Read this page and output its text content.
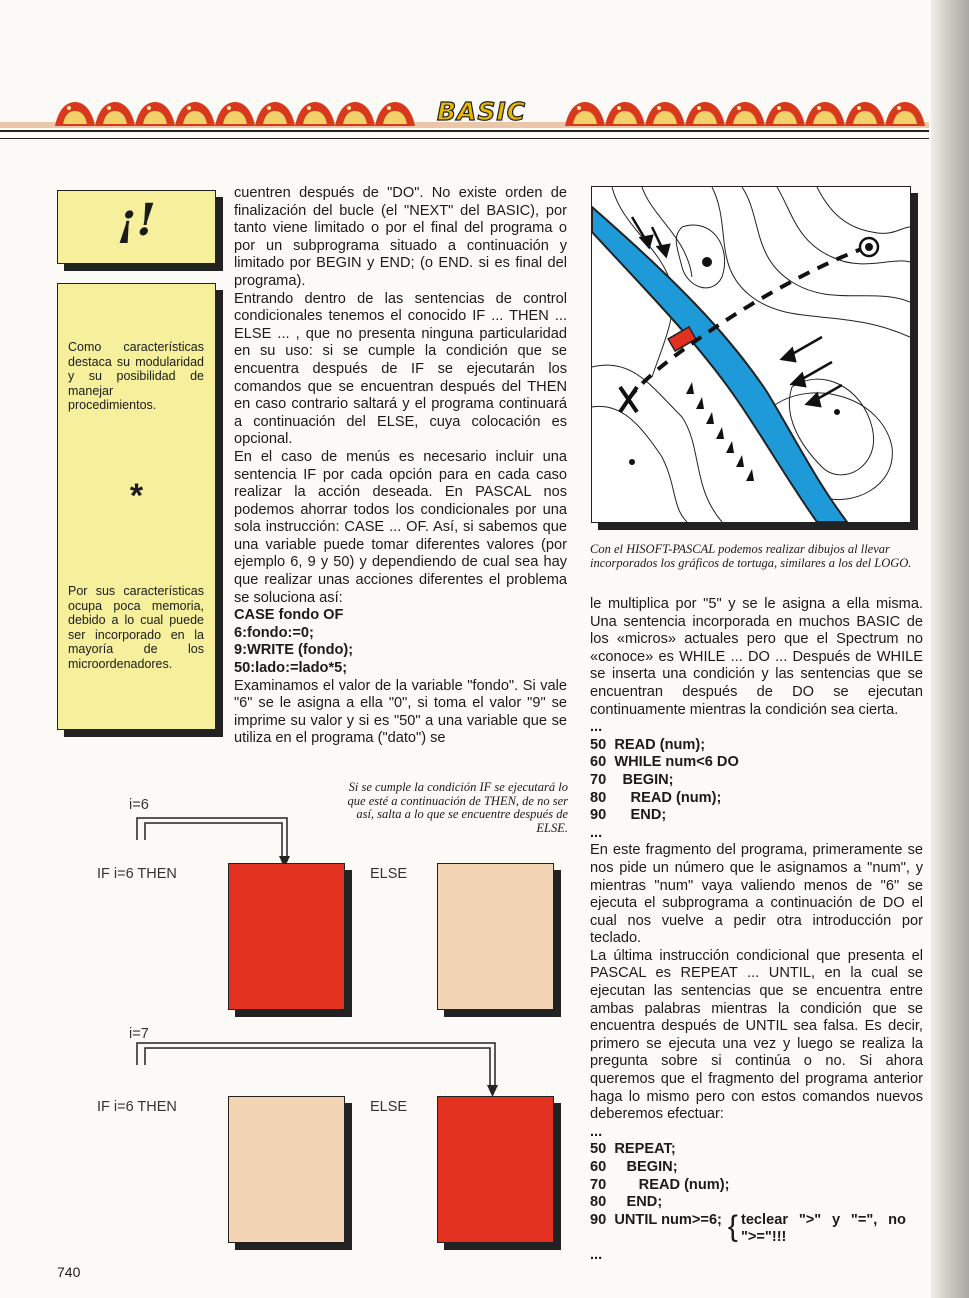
BASIC
¡!
Como características destaca su modularidad y su posibilidad de manejar procedimientos.
*
Por sus características ocupa poca memoria, debido a lo cual puede ser incorporado en la mayoría de los microordenadores.

cuentren después de "DO". No existe orden de finalización del bucle (el "NEXT" del BASIC), por tanto viene limitado o por el final del programa o por un subprograma situado a continuación y limitado por BEGIN y END; (o END. si es final del programa).

Entrando dentro de las sentencias de control condicionales tenemos el conocido IF ... THEN ... ELSE ... , que no presenta ninguna particularidad en su uso: si se cumple la condición que se encuentra después de IF se ejecutarán los comandos que se encuentran después del THEN en caso contrario saltará y el programa continuará a continuación del ELSE, cuya colocación es opcional.

En el caso de menús es necesario incluir una sentencia IF por cada opción para en cada caso realizar la acción deseada. En PASCAL nos podemos ahorrar todos los condicionales por una sola instrucción: CASE ... OF. Así, si sabemos que una variable puede tomar diferentes valores (por ejemplo 6, 9 y 50) y dependiendo de cual sea hay que realizar unas acciones diferentes el problema se soluciona así:

CASE fondo OF
6:fondo:=0;
9:WRITE (fondo);
50:lado:=lado*5;

Examinamos el valor de la variable "fondo". Si vale "6" se le asigna a ella "0", si toma el valor "9" se imprime su valor y si es "50" a una variable que se utiliza en el programa ("dato") se

Con el HISOFT-PASCAL podemos realizar dibujos al llevar incorporados los gráficos de tortuga, similares a los del LOGO.

le multiplica por "5" y se le asigna a ella misma. Una sentencia incorporada en muchos BASIC de los «micros» actuales pero que el Spectrum no «conoce» es WHILE ... DO ... Después de WHILE se inserta una condición y las sentencias que se encuentran después de DO se ejecutan continuamente mientras la condición sea cierta.

...
50  READ (num);
60  WHILE num<6 DO
70    BEGIN;
80      READ (num);
90      END;
...

En este fragmento del programa, primeramente se nos pide un número que le asignamos a "num", y mientras "num" vaya valiendo menos de "6" se ejecuta el subprograma a continuación de DO el cual nos vuelve a pedir otra introducción por teclado.

La última instrucción condicional que presenta el PASCAL es REPEAT ... UNTIL, en la cual se ejecutan las sentencias que se encuentra entre ambas palabras mientras la condición que se encuentra después de UNTIL sea falsa. Es decir, primero se ejecuta una vez y luego se realiza la pregunta sobre si continúa o no. Si ahora queremos que el fragmento del programa anterior haga lo mismo pero con estos comandos nuevos deberemos efectuar:

...
50  REPEAT;
60     BEGIN;
70        READ (num);
80     END;
90  UNTIL num>=6; { teclear ">" y "=", no ">="!!!
...
Si se cumple la condición IF se ejecutará lo que esté a continuación de THEN, de no ser así, salta a lo que se encuentre después de ELSE.
i=6
IF i=6 THEN	ELSE
i=7
IF i=6 THEN	ELSE
740
